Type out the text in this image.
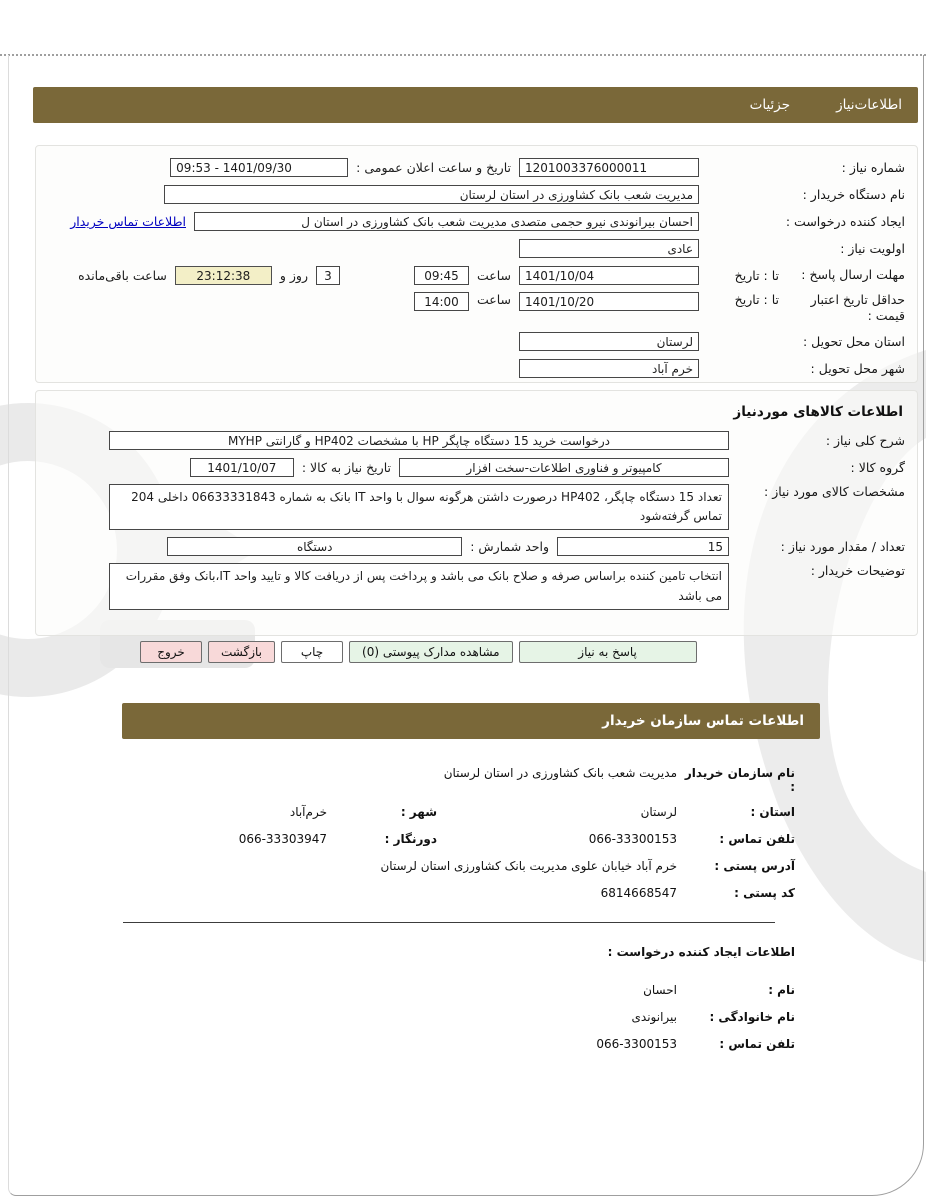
اطلاعات‌نیاز
جزئیات
شماره نیاز :
1201003376000011
تاریخ و ساعت اعلان عمومی :
09:53 - 1401/09/30
نام دستگاه خریدار :
مدیریت شعب بانک کشاورزی در استان لرستان
ایجاد کننده درخواست :
احسان بیرانوندی نیرو حجمی متصدی مدیریت شعب بانک کشاورزی در استان ل
اطلاعات تماس خریدار
اولویت نیاز :
عادی
مهلت ارسال پاسخ :
تا : تاریخ
1401/10/04
ساعت
09:45
3
روز و
23:12:38
ساعت باقی‌مانده
حداقل تاریخ اعتبار قیمت :
تا : تاریخ
1401/10/20
ساعت
14:00
استان محل تحویل :
لرستان
شهر محل تحویل :
خرم آباد
اطلاعات کالاهای موردنیاز
شرح کلی نیاز :
درخواست خرید 15 دستگاه چاپگر HP با مشخصات HP402 و گارانتی MYHP
گروه کالا :
کامپیوتر و فناوری اطلاعات-سخت افزار
تاریخ نیاز به کالا :
1401/10/07
مشخصات کالای مورد نیاز :
تعداد 15 دستگاه چاپگر، HP402 درصورت داشتن هرگونه سوال با واحد IT بانک به شماره 06633331843 داخلی 204 تماس گرفته‌شود
تعداد / مقدار مورد نیاز :
15
واحد شمارش :
دستگاه
توضیحات خریدار :
انتخاب تامین کننده براساس صرفه و صلاح بانک می باشد و پرداخت پس از دریافت کالا و تایید واحد IT،بانک وفق مقررات می باشد
خروج	بازگشت	چاپ	مشاهده مدارک پیوستی (0)	پاسخ به نیاز
اطلاعات تماس سازمان خریدار
نام سازمان خریدار :
مدیریت شعب بانک کشاورزی در استان لرستان
استان :
لرستان
شهر :
خرم‌آباد
تلفن تماس :
066-33300153
دورنگار :
066-33303947
آدرس پستی :
خرم آباد خیابان علوی مدیریت بانک کشاورزی استان لرستان
کد پستی :
6814668547
اطلاعات ایجاد کننده درخواست :
نام :
احسان
نام خانوادگی :
بیرانوندی
تلفن تماس :
066-3300153
